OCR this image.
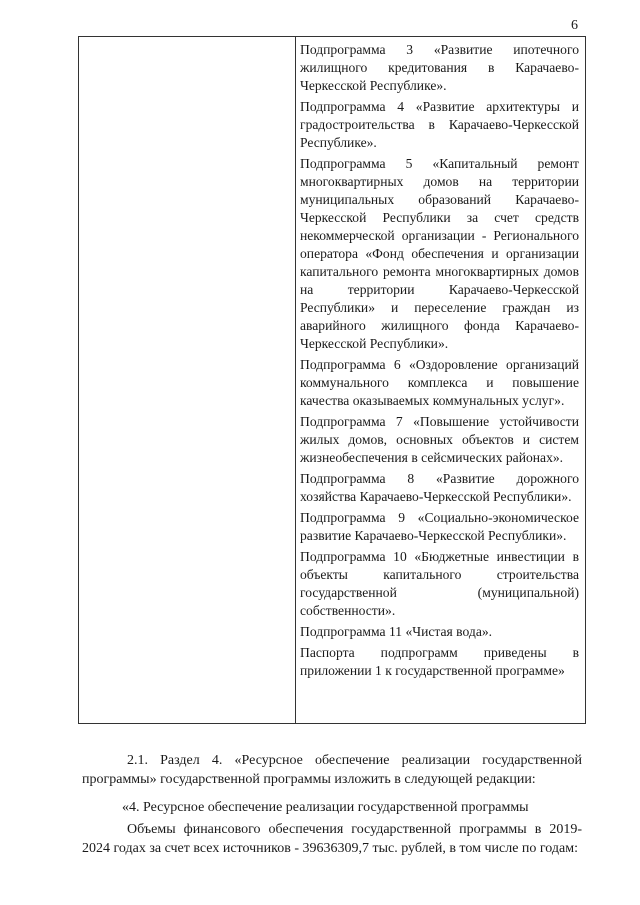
6

Подпрограмма 3 «Развитие ипотечного жилищного кредитования в Карачаево-Черкесской Республике».

Подпрограмма 4 «Развитие архитектуры и градостроительства в Карачаево-Черкесской Республике».

Подпрограмма 5 «Капитальный ремонт многоквартирных домов на территории муниципальных образований Карачаево-Черкесской Республики за счет средств некоммерческой организации - Регионального оператора «Фонд обеспечения и организации капитального ремонта многоквартирных домов на территории Карачаево-Черкесской Республики» и переселение граждан из аварийного жилищного фонда Карачаево-Черкесской Республики».

Подпрограмма 6 «Оздоровление организаций коммунального комплекса и повышение качества оказываемых коммунальных услуг».

Подпрограмма 7 «Повышение устойчивости жилых домов, основных объектов и систем жизнеобеспечения в сейсмических районах».

Подпрограмма 8 «Развитие дорожного хозяйства Карачаево-Черкесской Республики».

Подпрограмма 9 «Социально-экономическое развитие Карачаево-Черкесской Республики».

Подпрограмма 10 «Бюджетные инвестиции в объекты капитального строительства государственной (муниципальной) собственности».

Подпрограмма 11 «Чистая вода».

Паспорта подпрограмм приведены в приложении 1 к государственной программе»

2.1. Раздел 4. «Ресурсное обеспечение реализации государственной программы» государственной программы изложить в следующей редакции:

«4. Ресурсное обеспечение реализации государственной программы

Объемы финансового обеспечения государственной программы в 2019-2024 годах за счет всех источников - 39636309,7 тыс. рублей, в том числе по годам:
